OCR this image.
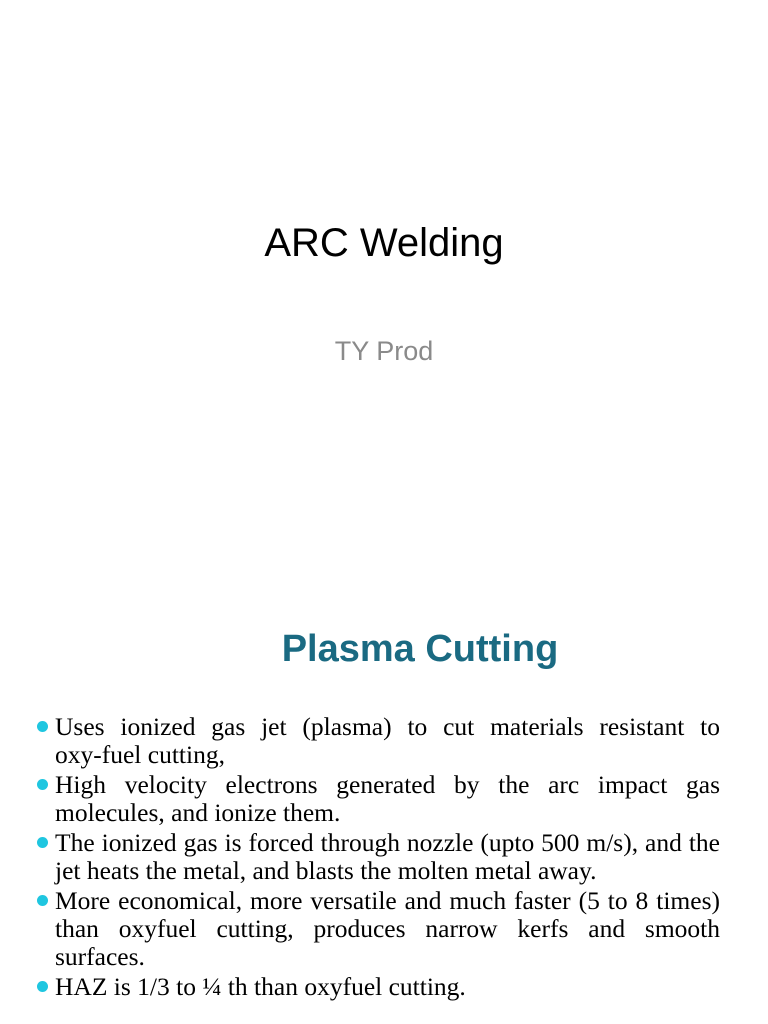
ARC Welding
TY Prod
Plasma Cutting
Uses ionized gas jet (plasma) to cut materials resistant to oxy‑fuel cutting,
High velocity electrons generated by the arc impact gas molecules, and ionize them.
The ionized gas is forced through nozzle (upto 500 m/s), and the jet heats the metal, and blasts the molten metal away.
More economical, more versatile and much faster (5 to 8 times) than oxyfuel cutting, produces narrow kerfs and smooth surfaces.
HAZ is 1/3 to ¼ th than oxyfuel cutting.
